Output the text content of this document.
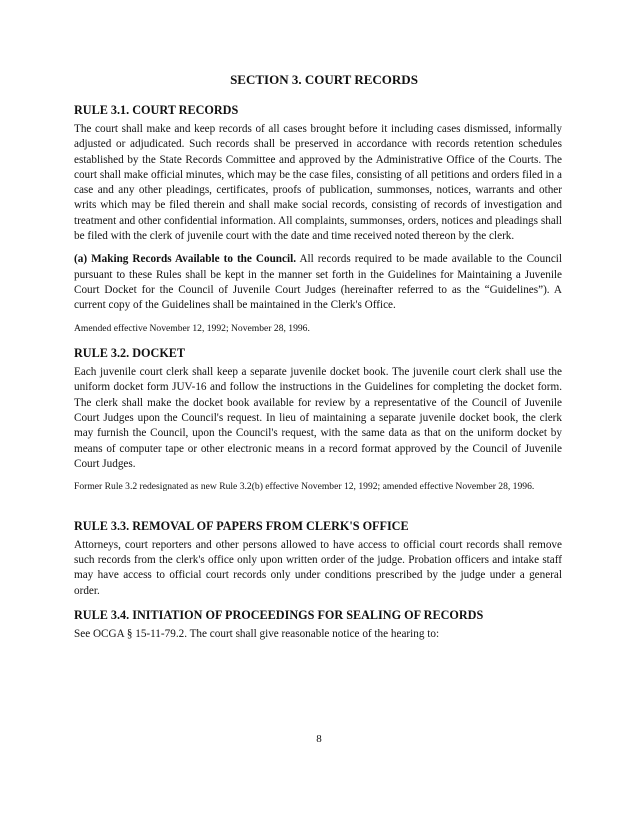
SECTION 3. COURT RECORDS
RULE 3.1. COURT RECORDS
The court shall make and keep records of all cases brought before it including cases dismissed, informally adjusted or adjudicated. Such records shall be preserved in accordance with records retention schedules established by the State Records Committee and approved by the Administrative Office of the Courts. The court shall make official minutes, which may be the case files, consisting of all petitions and orders filed in a case and any other pleadings, certificates, proofs of publication, summonses, notices, warrants and other writs which may be filed therein and shall make social records, consisting of records of investigation and treatment and other confidential information. All complaints, summonses, orders, notices and pleadings shall be filed with the clerk of juvenile court with the date and time received noted thereon by the clerk.
(a) Making Records Available to the Council. All records required to be made available to the Council pursuant to these Rules shall be kept in the manner set forth in the Guidelines for Maintaining a Juvenile Court Docket for the Council of Juvenile Court Judges (hereinafter referred to as the “Guidelines”). A current copy of the Guidelines shall be maintained in the Clerk's Office.
Amended effective November 12, 1992; November 28, 1996.
RULE 3.2. DOCKET
Each juvenile court clerk shall keep a separate juvenile docket book. The juvenile court clerk shall use the uniform docket form JUV-16 and follow the instructions in the Guidelines for completing the docket form. The clerk shall make the docket book available for review by a representative of the Council of Juvenile Court Judges upon the Council's request. In lieu of maintaining a separate juvenile docket book, the clerk may furnish the Council, upon the Council's request, with the same data as that on the uniform docket by means of computer tape or other electronic means in a record format approved by the Council of Juvenile Court Judges.
Former Rule 3.2 redesignated as new Rule 3.2(b) effective November 12, 1992; amended effective November 28, 1996.
RULE 3.3. REMOVAL OF PAPERS FROM CLERK'S OFFICE
Attorneys, court reporters and other persons allowed to have access to official court records shall remove such records from the clerk's office only upon written order of the judge. Probation officers and intake staff may have access to official court records only under conditions prescribed by the judge under a general order.
RULE 3.4. INITIATION OF PROCEEDINGS FOR SEALING OF RECORDS
See OCGA § 15-11-79.2. The court shall give reasonable notice of the hearing to:
8
